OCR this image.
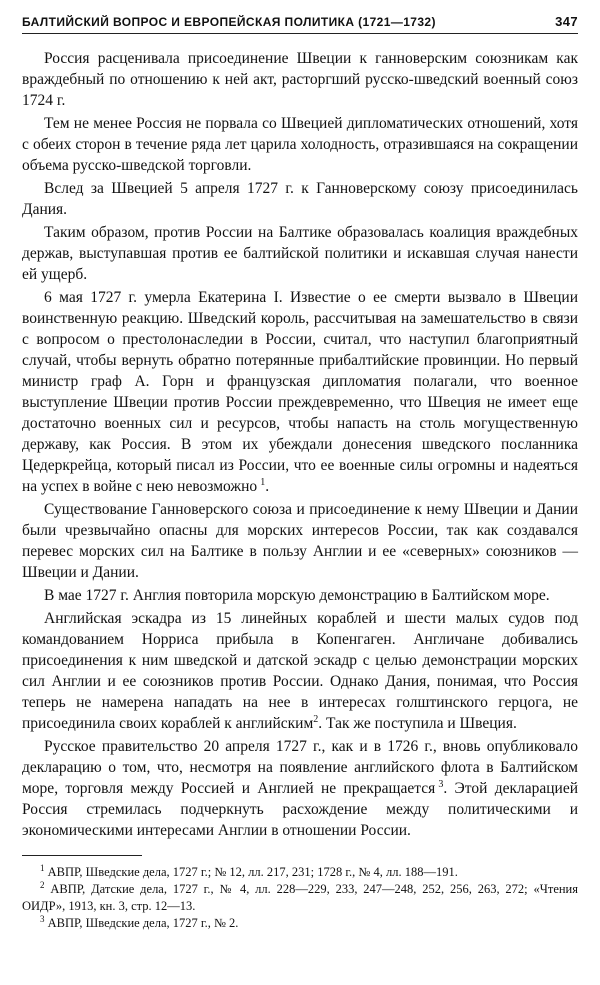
БАЛТИЙСКИЙ ВОПРОС И ЕВРОПЕЙСКАЯ ПОЛИТИКА (1721—1732)	347

Россия расценивала присоединение Швеции к ганноверским союзникам как враждебный по отношению к ней акт, расторгший русско-шведский военный союз 1724 г.

Тем не менее Россия не порвала со Швецией дипломатических отношений, хотя с обеих сторон в течение ряда лет царила холодность, отразившаяся на сокращении объема русско-шведской торговли.

Вслед за Швецией 5 апреля 1727 г. к Ганноверскому союзу присоединилась Дания.

Таким образом, против России на Балтике образовалась коалиция враждебных держав, выступавшая против ее балтийской политики и искавшая случая нанести ей ущерб.

6 мая 1727 г. умерла Екатерина I. Известие о ее смерти вызвало в Швеции воинственную реакцию. Шведский король, рассчитывая на замешательство в связи с вопросом о престолонаследии в России, считал, что наступил благоприятный случай, чтобы вернуть обратно потерянные прибалтийские провинции. Но первый министр граф А. Горн и французская дипломатия полагали, что военное выступление Швеции против России преждевременно, что Швеция не имеет еще достаточно военных сил и ресурсов, чтобы напасть на столь могущественную державу, как Россия. В этом их убеждали донесения шведского посланника Цедеркрейца, который писал из России, что ее военные силы огромны и надеяться на успех в войне с нею невозможно  $^1$.

Существование Ганноверского союза и присоединение к нему Швеции и Дании были чрезвычайно опасны для морских интересов России, так как создавался перевес морских сил на Балтике в пользу Англии и ее «северных» союзников — Швеции и Дании.

В мае 1727 г. Англия повторила морскую демонстрацию в Балтийском море.

Английская эскадра из 15 линейных кораблей и шести малых судов под командованием Норриса прибыла в Копенгаген. Англичане добивались присоединения к ним шведской и датской эскадр с целью демонстрации морских сил Англии и ее союзников против России. Однако Дания, понимая, что Россия теперь не намерена нападать на нее в интересах голштинского герцога, не присоединила своих кораблей к английским$^2$. Так же поступила и Швеция.

Русское правительство 20 апреля 1727 г., как и в 1726 г., вновь опубликовало декларацию о том, что, несмотря на появление английского флота в Балтийском море, торговля между Россией и Англией не прекращается  $^3$. Этой декларацией Россия стремилась подчеркнуть расхождение между политическими и экономическими интересами Англии в отношении России.

$^1$ АВПР, Шведские дела, 1727 г.; № 12, лл. 217, 231; 1728 г., № 4, лл. 188—191.

$^2$ АВПР, Датские дела, 1727 г., № 4, лл. 228—229, 233, 247—248, 252, 256, 263, 272; «Чтения ОИДР», 1913, кн. 3, стр. 12—13.

$^3$ АВПР, Шведские дела, 1727 г., № 2.
